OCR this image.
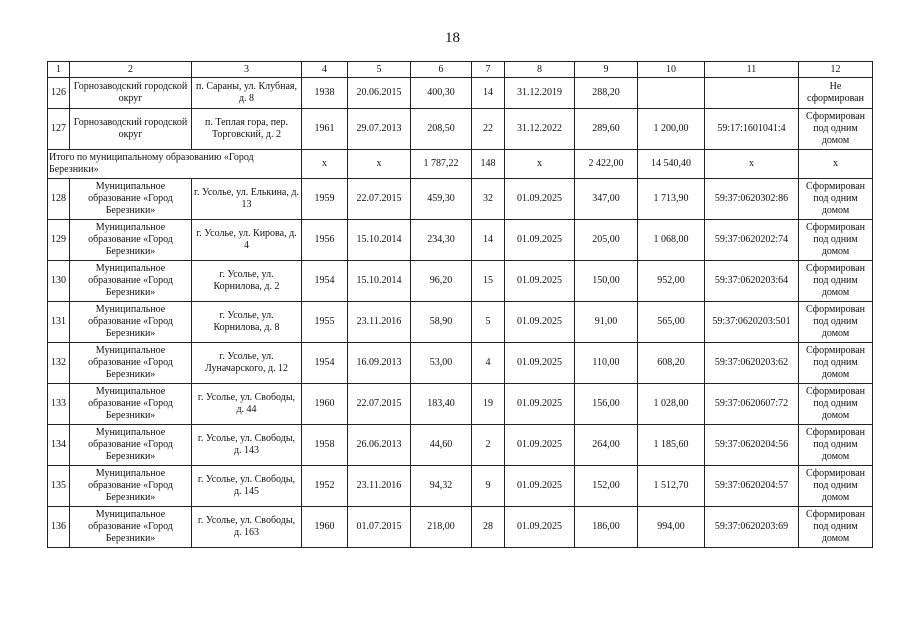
18
1	2	3	4	5	6	7	8	9	10	11	12
126	Горнозаводский городской округ	п. Сараны, ул. Клубная, д. 8	1938	20.06.2015	400,30	14	31.12.2019	288,20			Не сформирован
127	Горнозаводский городской округ	п. Теплая гора, пер. Торговский, д. 2	1961	29.07.2013	208,50	22	31.12.2022	289,60	1 200,00	59:17:1601041:4	Сформирован под одним домом
Итого по муниципальному образованию «Город Березники»			х	х	1 787,22	148	х	2 422,00	14 540,40	х	х
128	Муниципальное образование «Город Березники»	г. Усолье, ул. Елькина, д. 13	1959	22.07.2015	459,30	32	01.09.2025	347,00	1 713,90	59:37:0620302:86	Сформирован под одним домом
129	Муниципальное образование «Город Березники»	г. Усолье, ул. Кирова, д. 4	1956	15.10.2014	234,30	14	01.09.2025	205,00	1 068,00	59:37:0620202:74	Сформирован под одним домом
130	Муниципальное образование «Город Березники»	г. Усолье, ул. Корнилова, д. 2	1954	15.10.2014	96,20	15	01.09.2025	150,00	952,00	59:37:0620203:64	Сформирован под одним домом
131	Муниципальное образование «Город Березники»	г. Усолье, ул. Корнилова, д. 8	1955	23.11.2016	58,90	5	01.09.2025	91,00	565,00	59:37:0620203:501	Сформирован под одним домом
132	Муниципальное образование «Город Березники»	г. Усолье, ул. Луначарского, д. 12	1954	16.09.2013	53,00	4	01.09.2025	110,00	608,20	59:37:0620203:62	Сформирован под одним домом
133	Муниципальное образование «Город Березники»	г. Усолье, ул. Свободы, д. 44	1960	22.07.2015	183,40	19	01.09.2025	156,00	1 028,00	59:37:0620607:72	Сформирован под одним домом
134	Муниципальное образование «Город Березники»	г. Усолье, ул. Свободы, д. 143	1958	26.06.2013	44,60	2	01.09.2025	264,00	1 185,60	59:37:0620204:56	Сформирован под одним домом
135	Муниципальное образование «Город Березники»	г. Усолье, ул. Свободы, д. 145	1952	23.11.2016	94,32	9	01.09.2025	152,00	1 512,70	59:37:0620204:57	Сформирован под одним домом
136	Муниципальное образование «Город Березники»	г. Усолье, ул. Свободы, д. 163	1960	01.07.2015	218,00	28	01.09.2025	186,00	994,00	59:37:0620203:69	Сформирован под одним домом
